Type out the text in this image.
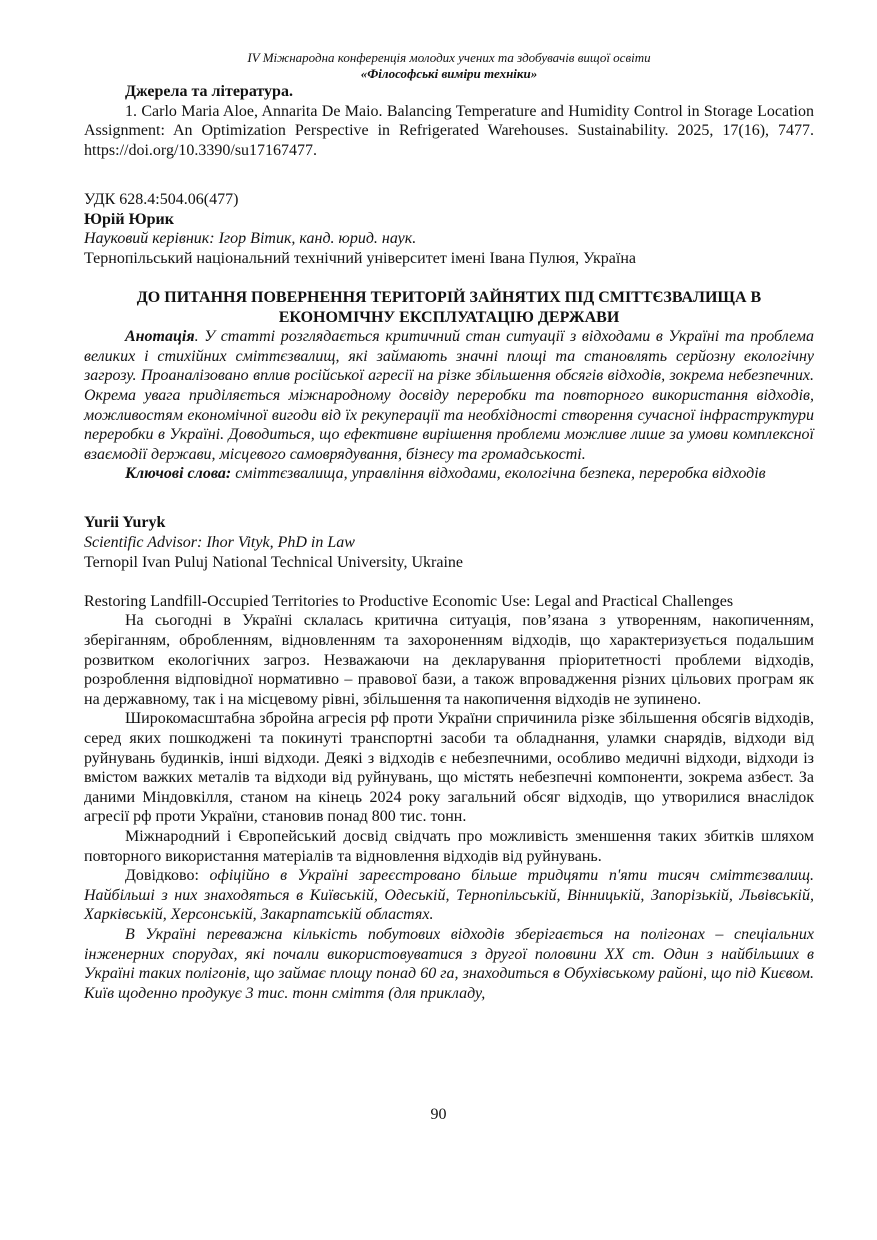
IV Міжнародна конференція молодих учених та здобувачів вищої освіти
«Філософські виміри техніки»

Джерела та література.

1. Carlo Maria Aloe, Annarita De Maio. Balancing Temperature and Humidity Control in Storage Location Assignment: An Optimization Perspective in Refrigerated Warehouses. Sustainability. 2025, 17(16), 7477. https://doi.org/10.3390/su17167477.

УДК 628.4:504.06(477)

Юрій Юрик

Науковий керівник: Ігор Вітик, канд. юрид. наук.

Тернопільський національний технічний університет імені Івана Пулюя, Україна

ДО ПИТАННЯ ПОВЕРНЕННЯ ТЕРИТОРІЙ ЗАЙНЯТИХ ПІД СМІТТЄЗВАЛИЩА В
ЕКОНОМІЧНУ ЕКСПЛУАТАЦІЮ ДЕРЖАВИ

Анотація. У статті розглядається критичний стан ситуації з відходами в Україні та проблема великих і стихійних сміттєзвалищ, які займають значні площі та становлять серйозну екологічну загрозу. Проаналізовано вплив російської агресії на різке збільшення обсягів відходів, зокрема небезпечних. Окрема увага приділяється міжнародному досвіду переробки та повторного використання відходів, можливостям економічної вигоди від їх рекуперації та необхідності створення сучасної інфраструктури переробки в Україні. Доводиться, що ефективне вирішення проблеми можливе лише за умови комплексної взаємодії держави, місцевого самоврядування, бізнесу та громадськості.

Ключові слова: сміттєзвалища, управління відходами, екологічна безпека, переробка відходів

Yurii Yuryk

Scientific Advisor: Ihor Vityk, PhD in Law

Ternopil Ivan Puluj National Technical University, Ukraine

Restoring Landfill-Occupied Territories to Productive Economic Use: Legal and Practical Challenges

На сьогодні в Україні склалась критична ситуація, пов’язана з утворенням, накопиченням, зберіганням, обробленням, відновленням та захороненням відходів, що характеризується подальшим розвитком екологічних загроз. Незважаючи на декларування пріоритетності проблеми відходів, розроблення відповідної нормативно – правової бази, а також впровадження різних цільових програм як на державному, так і на місцевому рівні, збільшення та накопичення відходів не зупинено.

Широкомасштабна збройна агресія рф проти України спричинила різке збільшення обсягів відходів, серед яких пошкоджені та покинуті транспортні засоби та обладнання, уламки снарядів, відходи від руйнувань будинків, інші відходи. Деякі з відходів є небезпечними, особливо медичні відходи, відходи із вмістом важких металів та відходи від руйнувань, що містять небезпечні компоненти, зокрема азбест. За даними Міндовкілля, станом на кінець 2024 року загальний обсяг відходів, що утворилися внаслідок агресії рф проти України, становив понад 800 тис. тонн.

Міжнародний і Європейський досвід свідчать про можливість зменшення таких збитків шляхом повторного використання матеріалів та відновлення відходів від руйнувань.

Довідково: офіційно в Україні зареєстровано більше тридцяти п'яти тисяч сміттєзвалищ. Найбільші з них знаходяться в Київській, Одеській, Тернопільській, Вінницькій, Запорізькій, Львівській, Харківській, Херсонській, Закарпатській областях.

В Україні переважна кількість побутових відходів зберігається на полігонах – спеціальних інженерних спорудах, які почали використовуватися з другої половини XX ст. Один з найбільших в Україні таких полігонів, що займає площу понад 60 га, знаходиться в Обухівському районі, що під Києвом. Київ щоденно продукує 3 тис. тонн сміття (для прикладу,

90
